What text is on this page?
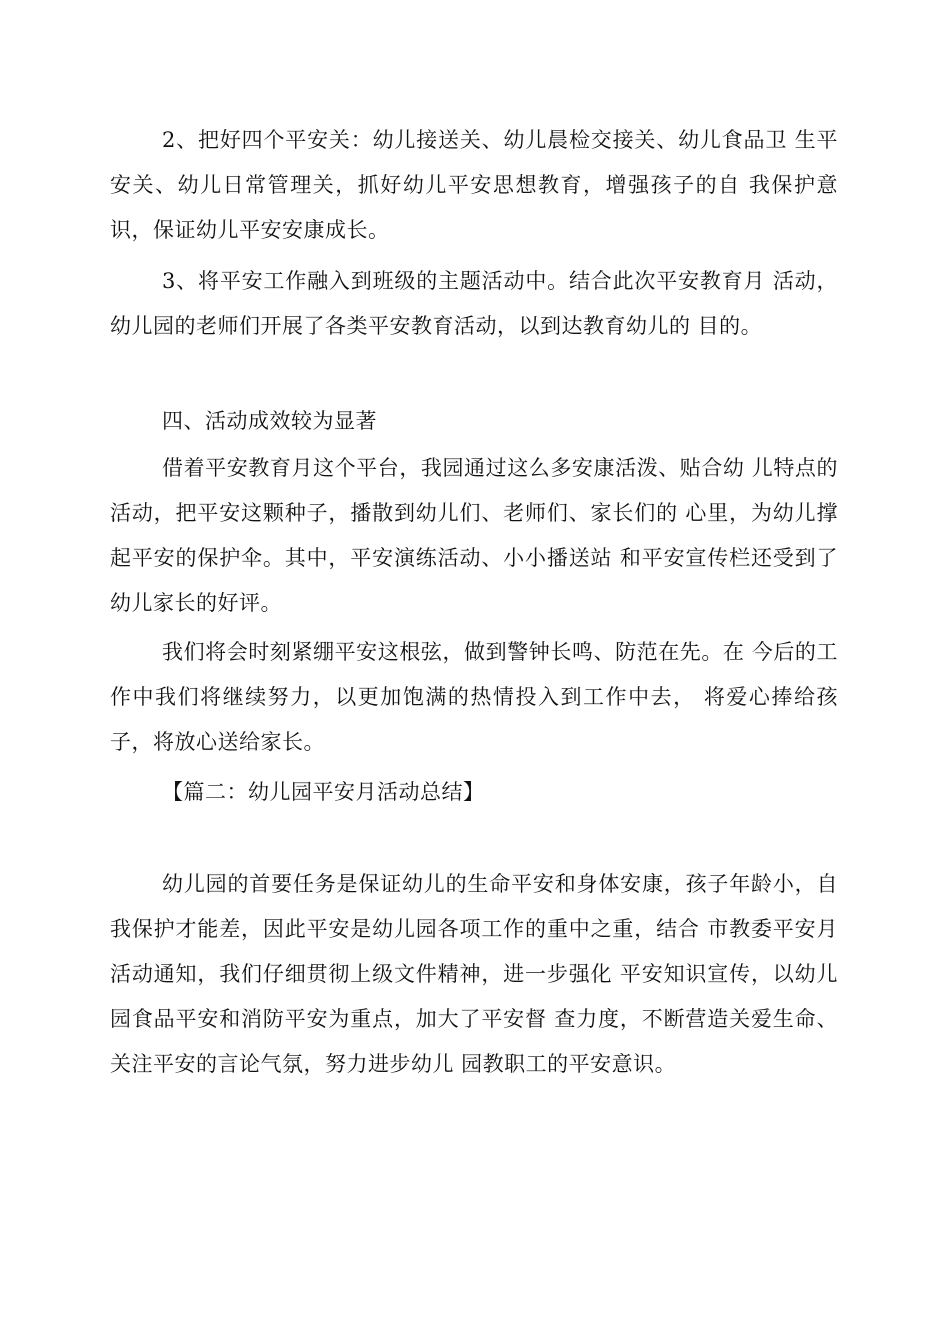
2、把好四个平安关：幼儿接送关、幼儿晨检交接关、幼儿食品卫 生平安关、幼儿日常管理关，抓好幼儿平安思想教育，增强孩子的自 我保护意识，保证幼儿平安安康成长。

3、将平安工作融入到班级的主题活动中。结合此次平安教育月 活动，幼儿园的老师们开展了各类平安教育活动，以到达教育幼儿的 目的。

四、活动成效较为显著

借着平安教育月这个平台，我园通过这么多安康活泼、贴合幼 儿特点的活动，把平安这颗种子，播散到幼儿们、老师们、家长们的 心里，为幼儿撑起平安的保护伞。其中，平安演练活动、小小播送站 和平安宣传栏还受到了幼儿家长的好评。

我们将会时刻紧绷平安这根弦，做到警钟长鸣、防范在先。在 今后的工作中我们将继续努力，以更加饱满的热情投入到工作中去， 将爱心捧给孩子，将放心送给家长。

【篇二：幼儿园平安月活动总结】

幼儿园的首要任务是保证幼儿的生命平安和身体安康，孩子年龄小，自我保护才能差，因此平安是幼儿园各项工作的重中之重，结合 市教委平安月活动通知，我们仔细贯彻上级文件精神，进一步强化 平安知识宣传，以幼儿园食品平安和消防平安为重点，加大了平安督 查力度，不断营造关爱生命、关注平安的言论气氛，努力进步幼儿 园教职工的平安意识。
